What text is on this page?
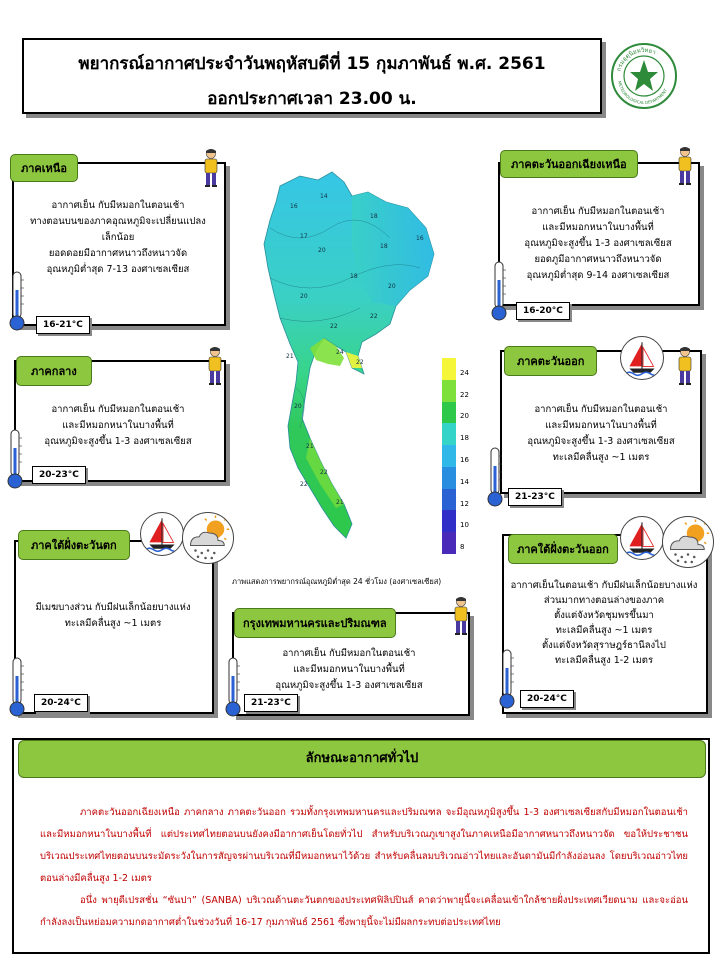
พยากรณ์อากาศประจำวันพฤหัสบดีที่ 15 กุมภาพันธ์ พ.ศ. 2561
ออกประกาศเวลา 23.00 น.
กรมอุตุนิยมวิทยา
METEOROLOGICAL DEPARTMENT
ภาคเหนือ
อากาศเย็น กับมีหมอกในตอนเช้า
ทางตอนบนของภาคอุณหภูมิจะเปลี่ยนแปลง
เล็กน้อย
ยอดดอยมีอากาศหนาวถึงหนาวจัด
อุณหภูมิต่ำสุด 7-13 องศาเซลเซียส
16-21°C
ภาคตะวันออกเฉียงเหนือ
อากาศเย็น กับมีหมอกในตอนเช้า
และมีหมอกหนาในบางพื้นที่
อุณหภูมิจะสูงขึ้น 1-3 องศาเซลเซียส
ยอดภูมีอากาศหนาวถึงหนาวจัด
อุณหภูมิต่ำสุด 9-14 องศาเซลเซียส
16-20°C
ภาคกลาง
อากาศเย็น กับมีหมอกในตอนเช้า
และมีหมอกหนาในบางพื้นที่
อุณหภูมิจะสูงขึ้น 1-3 องศาเซลเซียส
20-23°C
ภาคตะวันออก
อากาศเย็น กับมีหมอกในตอนเช้า
และมีหมอกหนาในบางพื้นที่
อุณหภูมิจะสูงขึ้น 1-3 องศาเซลเซียส
ทะเลมีคลื่นสูง ~1 เมตร
21-23°C
ภาคใต้ฝั่งตะวันตก
มีเมฆบางส่วน กับมีฝนเล็กน้อยบางแห่ง
ทะเลมีคลื่นสูง ~1 เมตร
20-24°C
กรุงเทพมหานครและปริมณฑล
อากาศเย็น กับมีหมอกในตอนเช้า
และมีหมอกหนาในบางพื้นที่
อุณหภูมิจะสูงขึ้น 1-3 องศาเซลเซียส
21-23°C
ภาคใต้ฝั่งตะวันออก
อากาศเย็นในตอนเช้า กับมีฝนเล็กน้อยบางแห่ง
ส่วนมากทางตอนล่างของภาค
ตั้งแต่จังหวัดชุมพรขึ้นมา
ทะเลมีคลื่นสูง ~1 เมตร
ตั้งแต่จังหวัดสุราษฎร์ธานีลงไป
ทะเลมีคลื่นสูง 1-2 เมตร
20-24°C
16
14
17
18
20
18
16
18
20
22
24
22
21
20
22
20
21
22
21
22
24
22
20
18
16
14
12
10
8
ภาพแสดงการพยากรณ์อุณหภูมิต่ำสุด 24 ชั่วโมง (องศาเซลเซียส)
ลักษณะอากาศทั่วไป

ภาคตะวันออกเฉียงเหนือ ภาคกลาง ภาคตะวันออก รวมทั้งกรุงเทพมหานครและปริมณฑล จะมีอุณหภูมิสูงขึ้น 1-3 องศาเซลเซียสกับมีหมอกในตอนเช้าและมีหมอกหนาในบางพื้นที่ แต่ประเทศไทยตอนบนยังคงมีอากาศเย็นโดยทั่วไป สำหรับบริเวณภูเขาสูงในภาคเหนือมีอากาศหนาวถึงหนาวจัด ขอให้ประชาชนบริเวณประเทศไทยตอนบนระมัดระวังในการสัญจรผ่านบริเวณที่มีหมอกหนาไว้ด้วย สำหรับคลื่นลมบริเวณอ่าวไทยและอันดามันมีกำลังอ่อนลง โดยบริเวณอ่าวไทยตอนล่างมีคลื่นสูง 1-2 เมตร

อนึ่ง พายุดีเปรสชั่น “ซันปา” (SANBA) บริเวณด้านตะวันตกของประเทศฟิลิปปินส์ คาดว่าพายุนี้จะเคลื่อนเข้าใกล้ชายฝั่งประเทศเวียดนาม และจะอ่อนกำลังลงเป็นหย่อมความกดอากาศต่ำในช่วงวันที่ 16-17 กุมภาพันธ์ 2561 ซึ่งพายุนี้จะไม่มีผลกระทบต่อประเทศไทย
